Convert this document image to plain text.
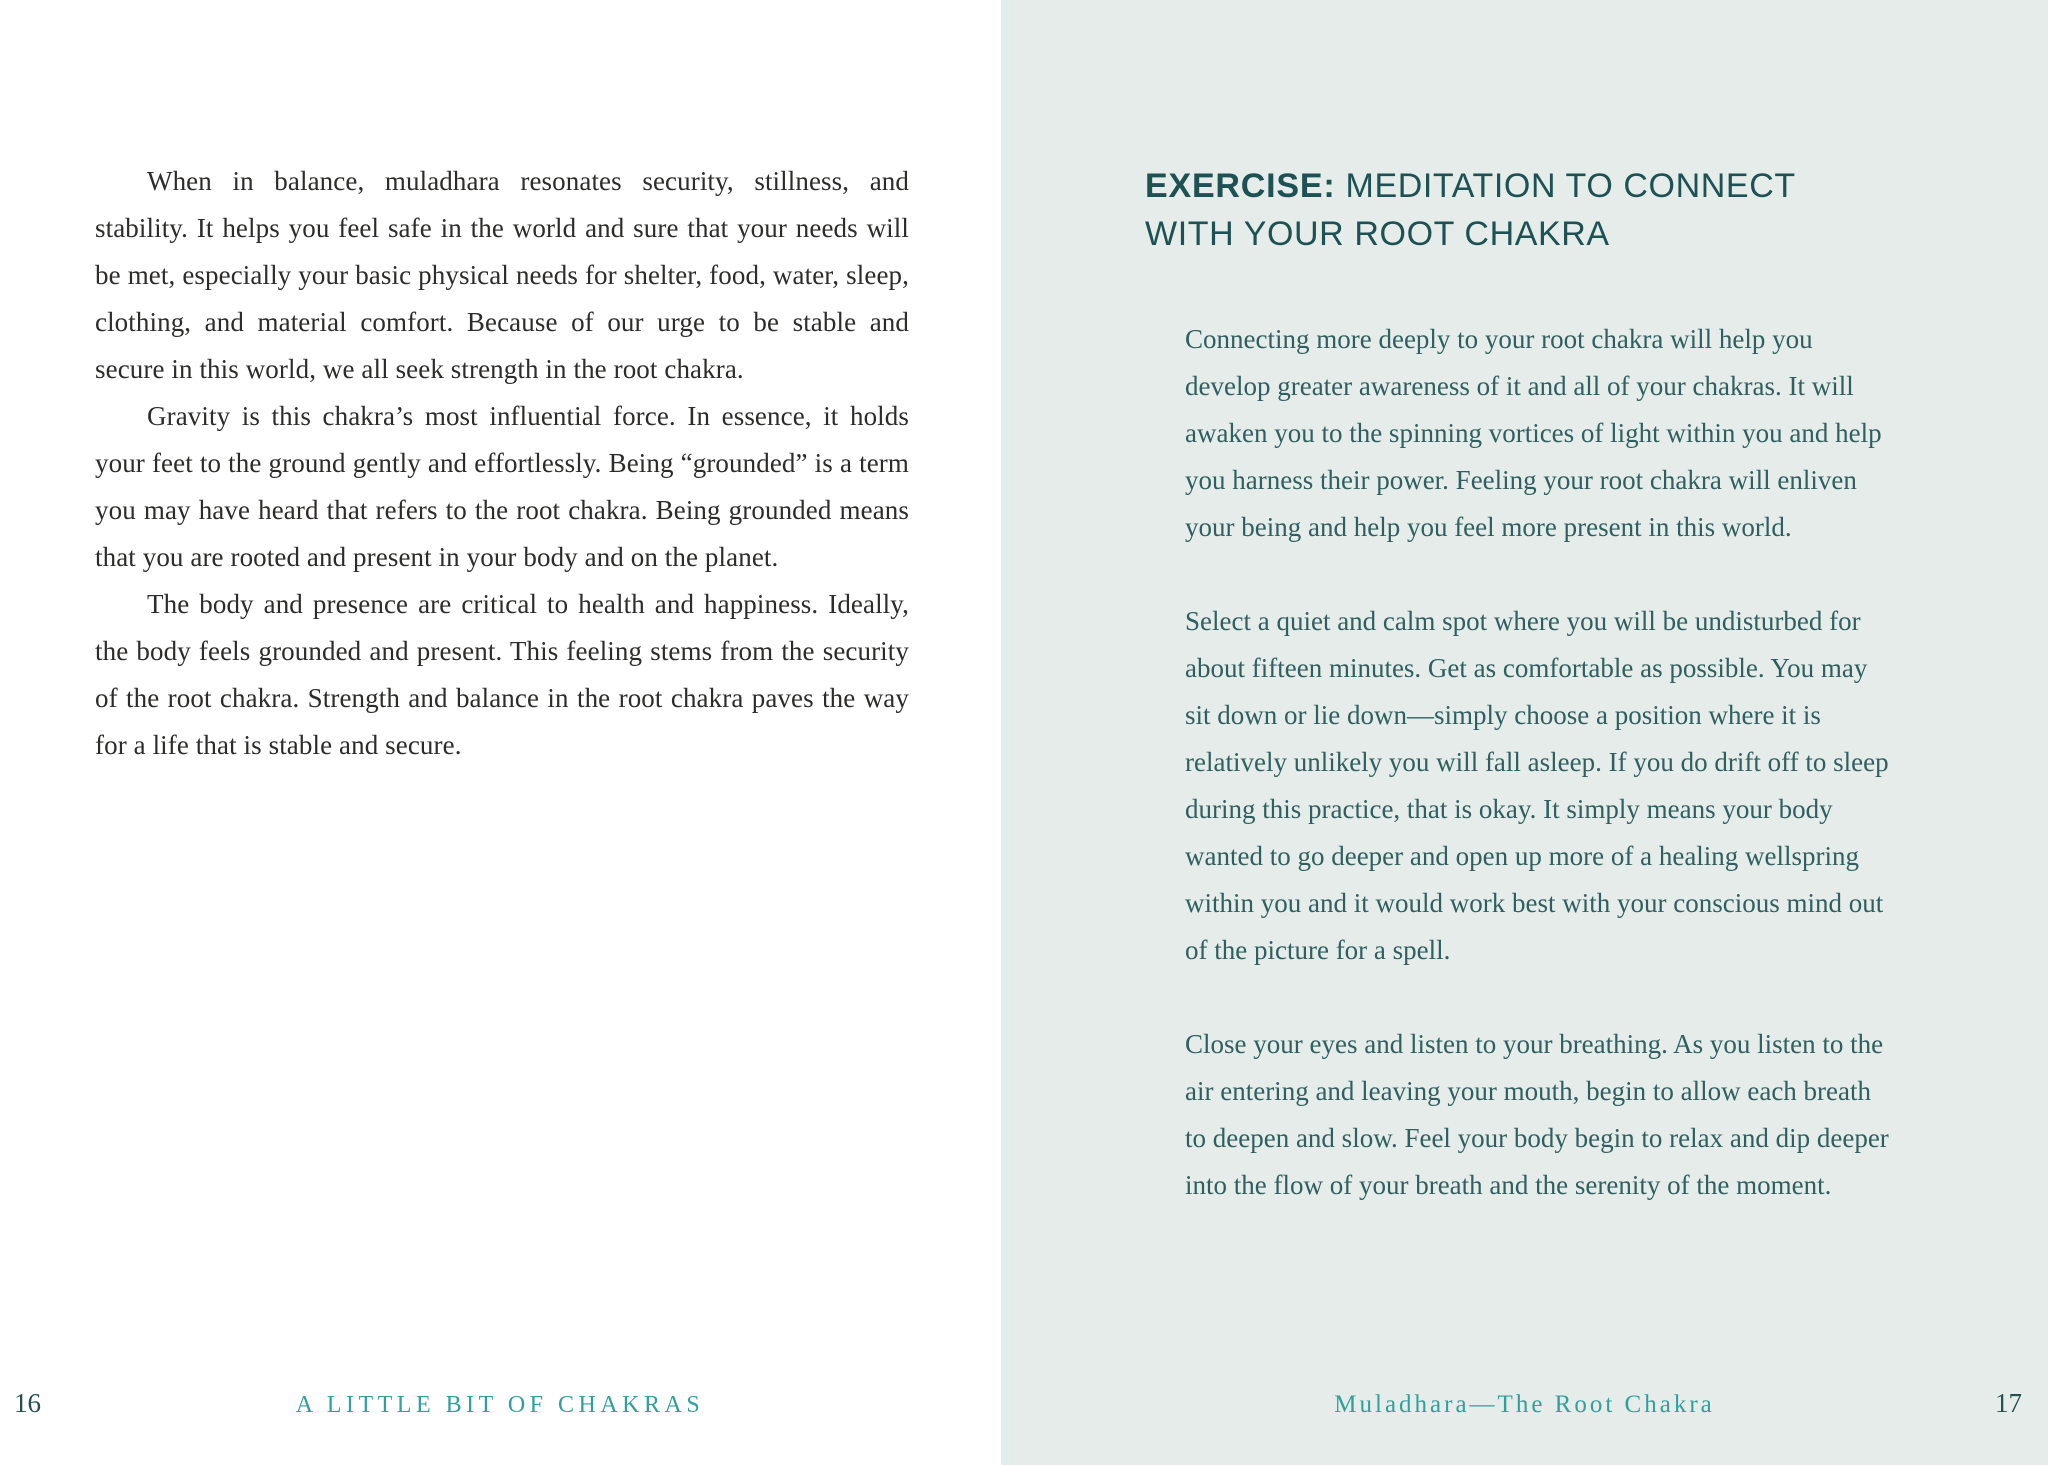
When in balance, muladhara resonates security, stillness, and stability. It helps you feel safe in the world and sure that your needs will be met, especially your basic physical needs for shelter, food, water, sleep, clothing, and material comfort. Because of our urge to be stable and secure in this world, we all seek strength in the root chakra.

Gravity is this chakra’s most influential force. In essence, it holds your feet to the ground gently and effortlessly. Being “grounded” is a term you may have heard that refers to the root chakra. Being grounded means that you are rooted and present in your body and on the planet.

The body and presence are critical to health and happiness. Ideally, the body feels grounded and present. This feeling stems from the security of the root chakra. Strength and balance in the root chakra paves the way for a life that is stable and secure.

16	A LITTLE BIT OF CHAKRAS
EXERCISE: MEDITATION TO CONNECT WITH YOUR ROOT CHAKRA

Connecting more deeply to your root chakra will help you develop greater awareness of it and all of your chakras. It will awaken you to the spinning vortices of light within you and help you harness their power. Feeling your root chakra will enliven your being and help you feel more present in this world.

Select a quiet and calm spot where you will be undisturbed for about fifteen minutes. Get as comfortable as possible. You may sit down or lie down—simply choose a position where it is relatively unlikely you will fall asleep. If you do drift off to sleep during this practice, that is okay. It simply means your body wanted to go deeper and open up more of a healing wellspring within you and it would work best with your conscious mind out of the picture for a spell.

Close your eyes and listen to your breathing. As you listen to the air entering and leaving your mouth, begin to allow each breath to deepen and slow. Feel your body begin to relax and dip deeper into the flow of your breath and the serenity of the moment.

Muladhara—The Root Chakra	17
